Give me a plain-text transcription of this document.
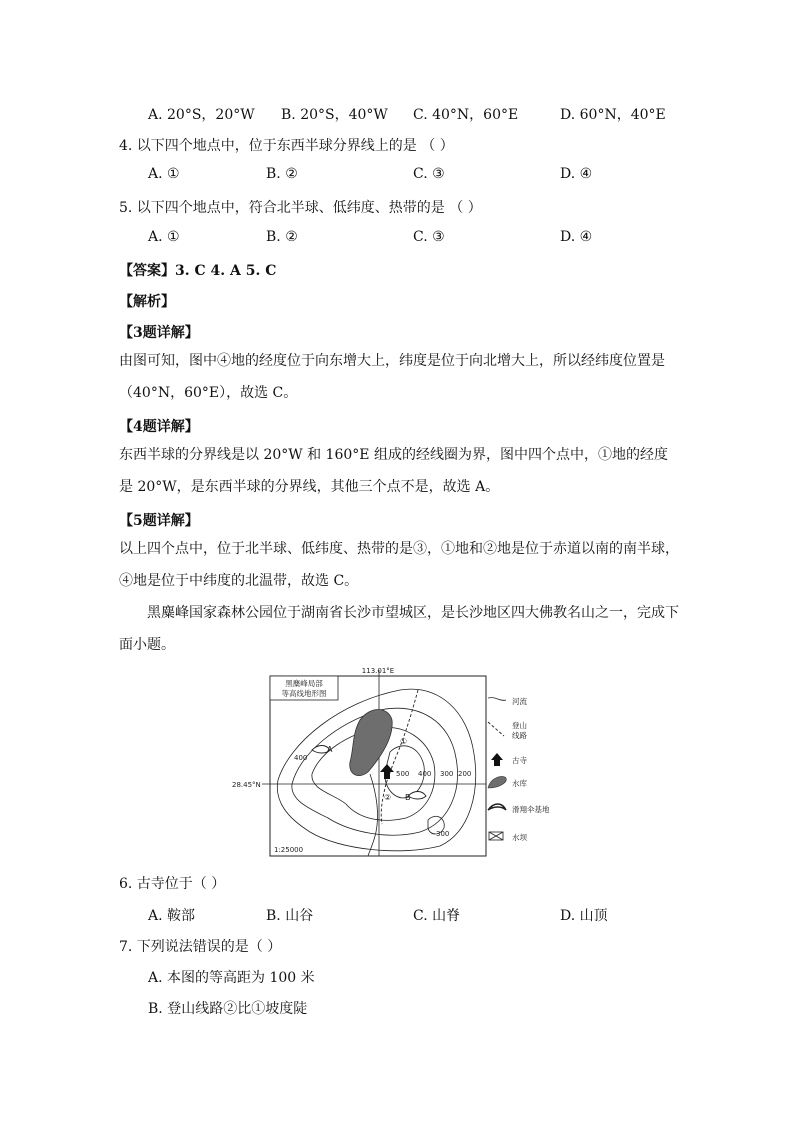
A. 20°S，20°W B. 20°S，40°W C. 40°N，60°E	D. 60°N，40°E
4. 以下四个地点中，位于东西半球分界线上的是 （ ）
A. ①	B. ②	C. ③	D. ④
5. 以下四个地点中，符合北半球、低纬度、热带的是 （ ）
A. ①	B. ②	C. ③	D. ④
【答案】3. C 4. A 5. C
【解析】
【3题详解】
由图可知，图中④地的经度位于向东增大上，纬度是位于向北增大上，所以经纬度位置是（40°N，60°E），故选 C。
【4题详解】
东西半球的分界线是以 20°W 和 160°E 组成的经线圈为界，图中四个点中，①地的经度是 20°W，是东西半球的分界线，其他三个点不是，故选 A。
【5题详解】
以上四个点中，位于北半球、低纬度、热带的是③，①地和②地是位于赤道以南的南半球，④地是位于中纬度的北温带，故选 C。
黑麋峰国家森林公园位于湖南省长沙市望城区，是长沙地区四大佛教名山之一，完成下面小题。
黑麋峰局部
等高线地形图
113.01°E
28.45°N
1:25000
A
B
①
②
400
500 400 300 200
300
河流
登山
线路
古寺
水库
滑翔伞基地
水坝
6. 古寺位于（ ）
A. 鞍部	B. 山谷	C. 山脊	D. 山顶
7. 下列说法错误的是（ ）
A. 本图的等高距为 100 米
B. 登山线路②比①坡度陡
